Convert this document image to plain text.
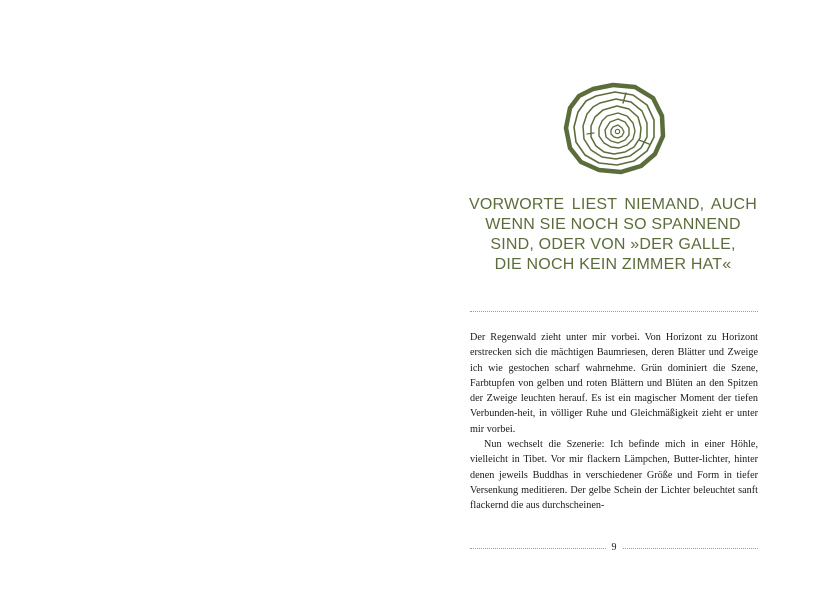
VORWORTE LIEST NIEMAND, AUCH
WENN SIE NOCH SO SPANNEND
SIND, ODER VON »DER GALLE,
DIE NOCH KEIN ZIMMER HAT«

Der Regenwald zieht unter mir vorbei. Von Horizont zu Horizont erstrecken sich die mächtigen Baumriesen, deren Blätter und Zweige ich wie gestochen scharf wahrnehme. Grün dominiert die Szene, Farbtupfen von gelben und roten Blättern und Blüten an den Spitzen der Zweige leuchten herauf. Es ist ein magischer Moment der tiefen Verbunden-heit, in völliger Ruhe und Gleichmäßigkeit zieht er unter mir vorbei.

Nun wechselt die Szenerie: Ich befinde mich in einer Höhle, vielleicht in Tibet. Vor mir flackern Lämpchen, Butter-lichter, hinter denen jeweils Buddhas in verschiedener Größe und Form in tiefer Versenkung meditieren. Der gelbe Schein der Lichter beleuchtet sanft flackernd die aus durchscheinen-

9
